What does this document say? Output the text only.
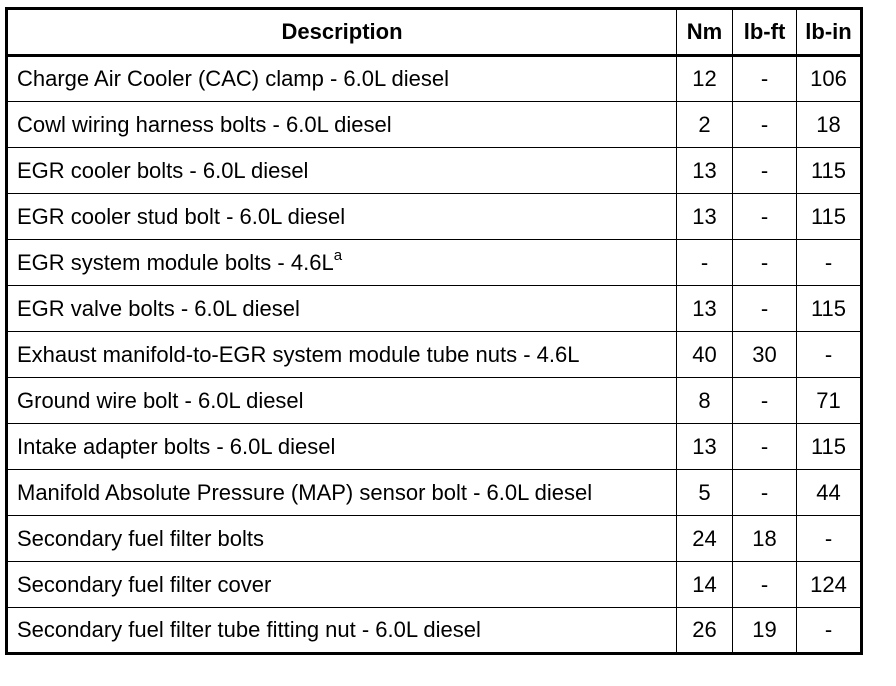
Description	Nm	lb-ft	lb-in
Charge Air Cooler (CAC) clamp - 6.0L diesel	12	-	106
Cowl wiring harness bolts - 6.0L diesel	2	-	18
EGR cooler bolts - 6.0L diesel	13	-	115
EGR cooler stud bolt - 6.0L diesel	13	-	115
EGR system module bolts - 4.6L$^a$	-	-	-
EGR valve bolts - 6.0L diesel	13	-	115
Exhaust manifold-to-EGR system module tube nuts - 4.6L	40	30	-
Ground wire bolt - 6.0L diesel	8	-	71
Intake adapter bolts - 6.0L diesel	13	-	115
Manifold Absolute Pressure (MAP) sensor bolt - 6.0L diesel	5	-	44
Secondary fuel filter bolts	24	18	-
Secondary fuel filter cover	14	-	124
Secondary fuel filter tube fitting nut - 6.0L diesel	26	19	-
